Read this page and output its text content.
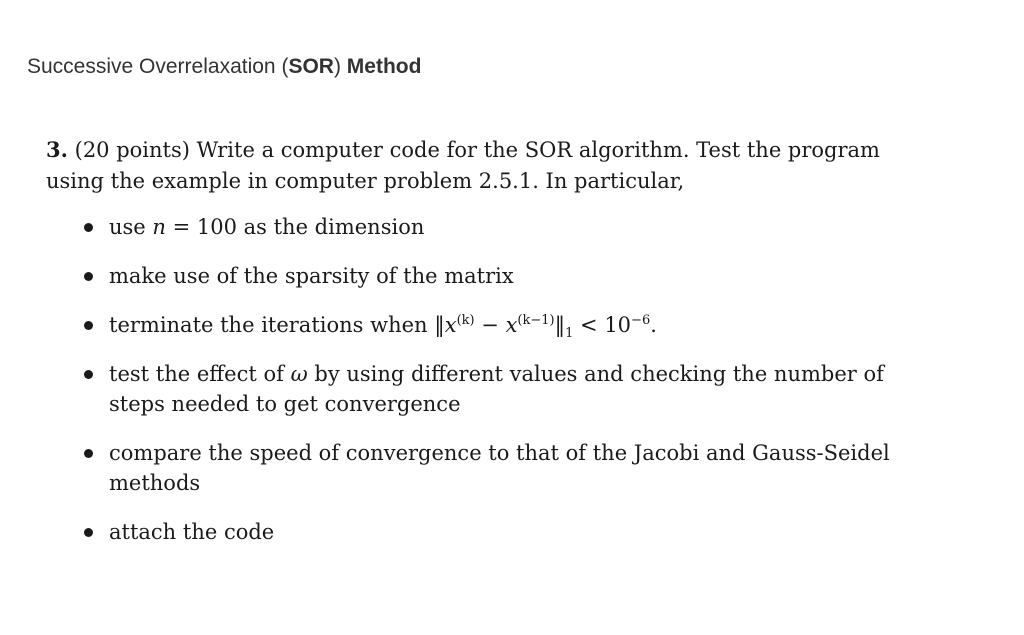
Successive Overrelaxation (SOR) Method
3. (20 points) Write a computer code for the SOR algorithm. Test the program using the example in computer problem 2.5.1. In particular,
use n = 100 as the dimension
make use of the sparsity of the matrix
terminate the iterations when $‖x^{(k)}$ − $x^{(k-1)}‖_1 < 10^{-6}$.
test the effect of ω by using different values and checking the number of steps needed to get convergence
compare the speed of convergence to that of the Jacobi and Gauss-Seidel methods
attach the code
